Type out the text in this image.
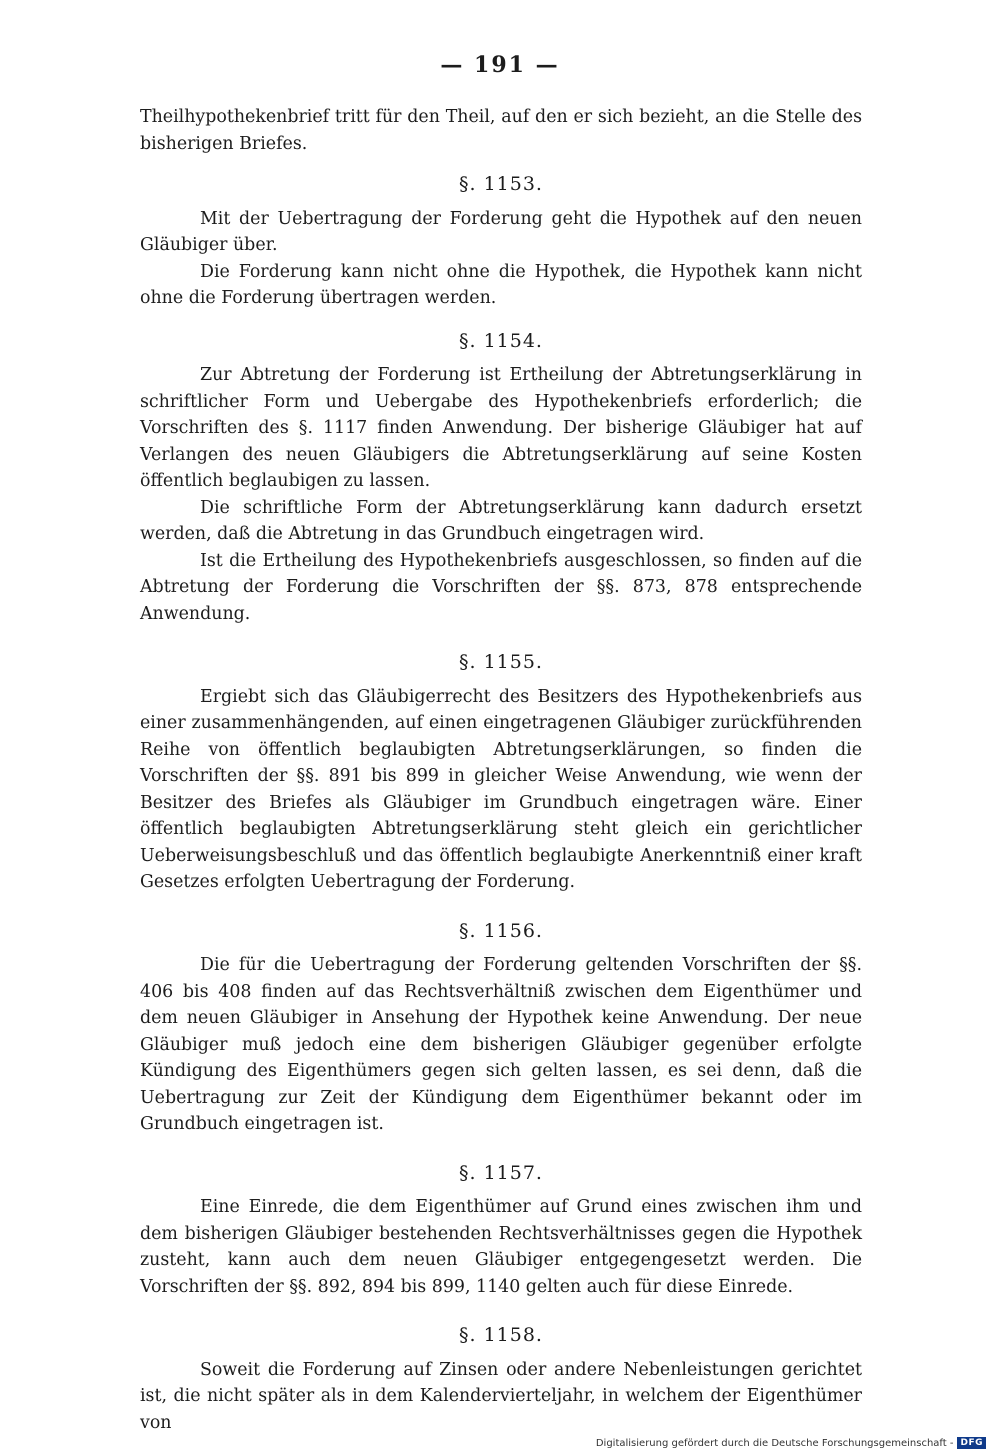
— 191 —

Theilhypothekenbrief tritt für den Theil, auf den er sich bezieht, an die Stelle des bisherigen Briefes.

§. 1153.

Mit der Uebertragung der Forderung geht die Hypothek auf den neuen Gläubiger über.

Die Forderung kann nicht ohne die Hypothek, die Hypothek kann nicht ohne die Forderung übertragen werden.

§. 1154.

Zur Abtretung der Forderung ist Ertheilung der Abtretungserklärung in schriftlicher Form und Uebergabe des Hypothekenbriefs erforderlich; die Vorschriften des §. 1117 finden Anwendung. Der bisherige Gläubiger hat auf Verlangen des neuen Gläubigers die Abtretungserklärung auf seine Kosten öffentlich beglaubigen zu lassen.

Die schriftliche Form der Abtretungserklärung kann dadurch ersetzt werden, daß die Abtretung in das Grundbuch eingetragen wird.

Ist die Ertheilung des Hypothekenbriefs ausgeschlossen, so finden auf die Abtretung der Forderung die Vorschriften der §§. 873, 878 entsprechende Anwendung.

§. 1155.

Ergiebt sich das Gläubigerrecht des Besitzers des Hypothekenbriefs aus einer zusammenhängenden, auf einen eingetragenen Gläubiger zurückführenden Reihe von öffentlich beglaubigten Abtretungserklärungen, so finden die Vorschriften der §§. 891 bis 899 in gleicher Weise Anwendung, wie wenn der Besitzer des Briefes als Gläubiger im Grundbuch eingetragen wäre. Einer öffentlich beglaubigten Abtretungserklärung steht gleich ein gerichtlicher Ueberweisungsbeschluß und das öffentlich beglaubigte Anerkenntniß einer kraft Gesetzes erfolgten Uebertragung der Forderung.

§. 1156.

Die für die Uebertragung der Forderung geltenden Vorschriften der §§. 406 bis 408 finden auf das Rechtsverhältniß zwischen dem Eigenthümer und dem neuen Gläubiger in Ansehung der Hypothek keine Anwendung. Der neue Gläubiger muß jedoch eine dem bisherigen Gläubiger gegenüber erfolgte Kündigung des Eigenthümers gegen sich gelten lassen, es sei denn, daß die Uebertragung zur Zeit der Kündigung dem Eigenthümer bekannt oder im Grundbuch eingetragen ist.

§. 1157.

Eine Einrede, die dem Eigenthümer auf Grund eines zwischen ihm und dem bisherigen Gläubiger bestehenden Rechtsverhältnisses gegen die Hypothek zusteht, kann auch dem neuen Gläubiger entgegengesetzt werden. Die Vorschriften der §§. 892, 894 bis 899, 1140 gelten auch für diese Einrede.

§. 1158.

Soweit die Forderung auf Zinsen oder andere Nebenleistungen gerichtet ist, die nicht später als in dem Kalendervierteljahr, in welchem der Eigenthümer von

Digitalisierung gefördert durch die Deutsche Forschungsgemeinschaft - DFG
